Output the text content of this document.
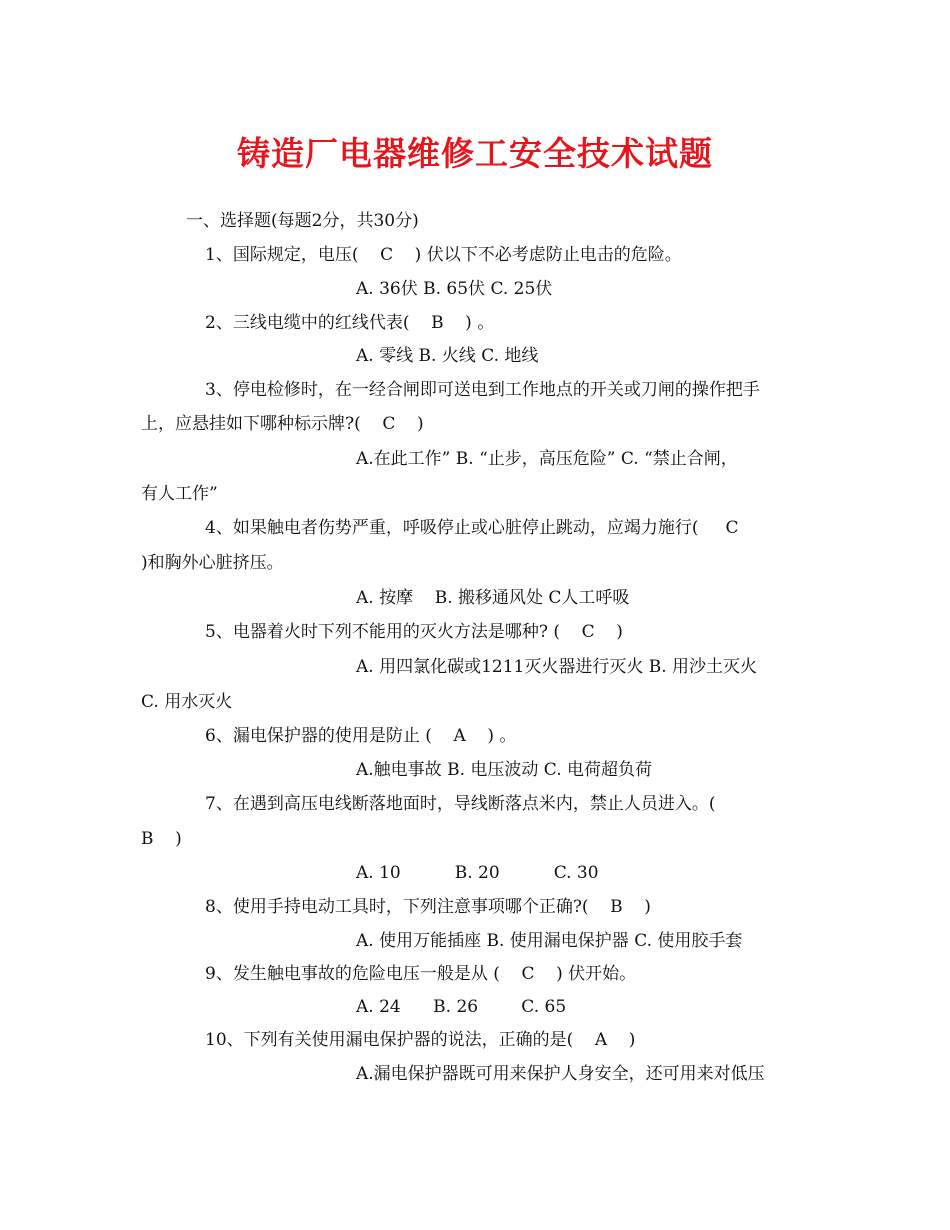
铸造厂电器维修工安全技术试题
一、选择题(每题2分，共30分)
1、国际规定，电压(    C    ) 伏以下不必考虑防止电击的危险。
A. 36伏 B. 65伏 C. 25伏
2、三线电缆中的红线代表(    B    ) 。
A. 零线 B. 火线 C. 地线
3、停电检修时，在一经合闸即可送电到工作地点的开关或刀闸的操作把手
上，应悬挂如下哪种标示牌?(    C    )
A.在此工作” B. “止步，高压危险” C. “禁止合闸，
有人工作”
4、如果触电者伤势严重，呼吸停止或心脏停止跳动，应竭力施行(     C
)和胸外心脏挤压。
A. 按摩    B. 搬移通风处 C人工呼吸
5、电器着火时下列不能用的灭火方法是哪种? (    C    )
A. 用四氯化碳或1211灭火器进行灭火 B. 用沙土灭火
C. 用水灭火
6、漏电保护器的使用是防止 (    A    ) 。
A.触电事故 B. 电压波动 C. 电荷超负荷
7、在遇到高压电线断落地面时，导线断落点米内，禁止人员进入。(
B    )
A. 10          B. 20          C. 30
8、使用手持电动工具时，下列注意事项哪个正确?(    B    )
A. 使用万能插座 B. 使用漏电保护器 C. 使用胶手套
9、发生触电事故的危险电压一般是从 (    C    ) 伏开始。
A. 24      B. 26        C. 65
10、下列有关使用漏电保护器的说法，正确的是(    A    )
A.漏电保护器既可用来保护人身安全，还可用来对低压
